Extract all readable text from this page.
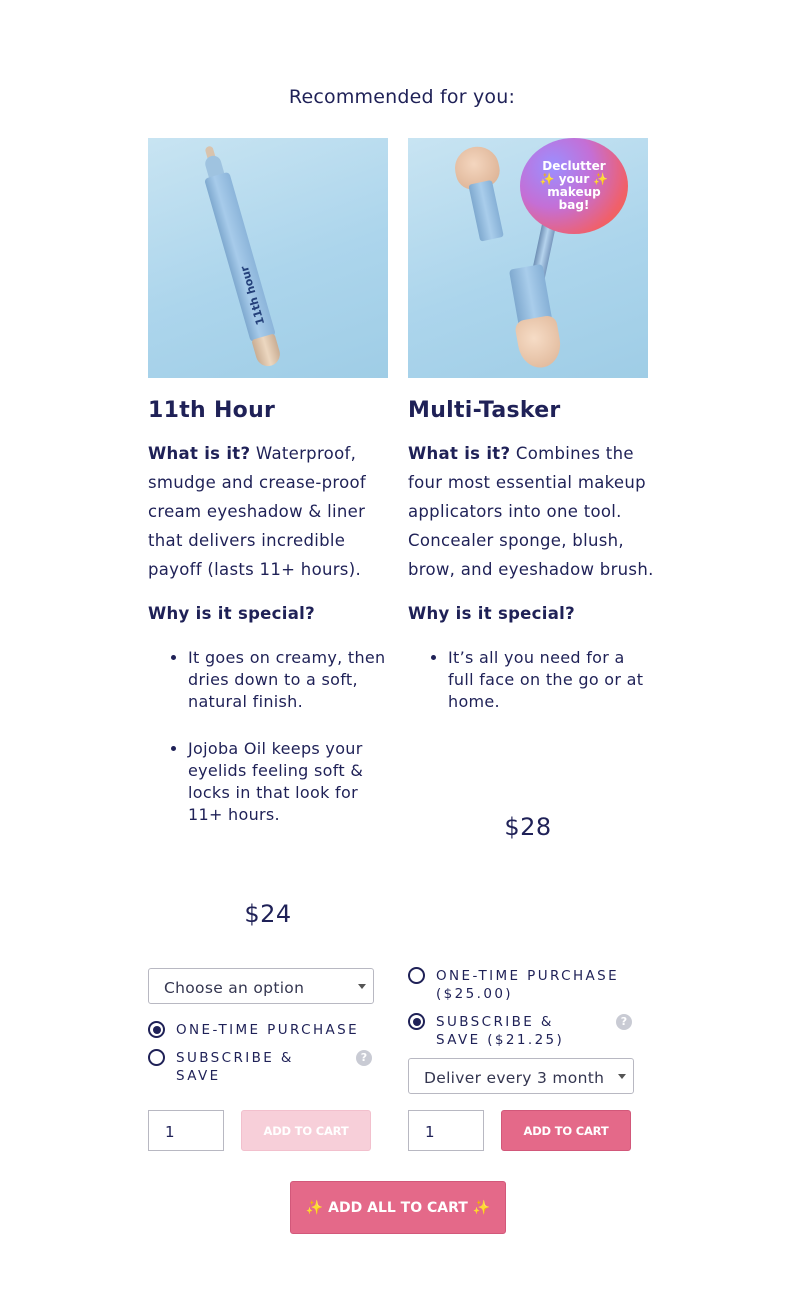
Recommended for you:
11th hour
11th Hour

What is it? Waterproof, smudge and crease-proof cream eyeshadow & liner that delivers incredible payoff (lasts 11+ hours).

Why is it special?
• It goes on creamy, then dries down to a soft, natural finish.
• Jojoba Oil keeps your eyelids feeling soft & locks in that look for 11+ hours.
$24
Choose an option
ONE-TIME PURCHASE
SUBSCRIBE & SAVE
?
1	ADD TO CART
Declutter ✨ your ✨ makeup bag!
Multi-Tasker

What is it? Combines the four most essential makeup applicators into one tool. Concealer sponge, blush, brow, and eyeshadow brush.

Why is it special?
• It’s all you need for a full face on the go or at home.
$28
ONE-TIME PURCHASE ($25.00)
SUBSCRIBE & SAVE ($21.25)
?
Deliver every 3 month
1	ADD TO CART
✨ ADD ALL TO CART ✨
